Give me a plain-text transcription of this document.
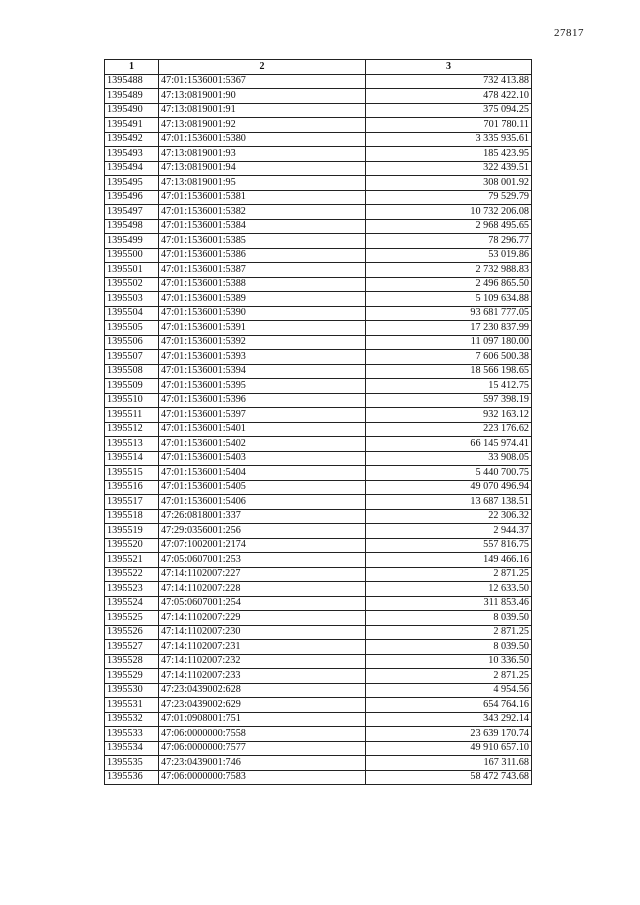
27817
1	2	3
1395488	47:01:1536001:5367	732 413.88
1395489	47:13:0819001:90	478 422.10
1395490	47:13:0819001:91	375 094.25
1395491	47:13:0819001:92	701 780.11
1395492	47:01:1536001:5380	3 335 935.61
1395493	47:13:0819001:93	185 423.95
1395494	47:13:0819001:94	322 439.51
1395495	47:13:0819001:95	308 001.92
1395496	47:01:1536001:5381	79 529.79
1395497	47:01:1536001:5382	10 732 206.08
1395498	47:01:1536001:5384	2 968 495.65
1395499	47:01:1536001:5385	78 296.77
1395500	47:01:1536001:5386	53 019.86
1395501	47:01:1536001:5387	2 732 988.83
1395502	47:01:1536001:5388	2 496 865.50
1395503	47:01:1536001:5389	5 109 634.88
1395504	47:01:1536001:5390	93 681 777.05
1395505	47:01:1536001:5391	17 230 837.99
1395506	47:01:1536001:5392	11 097 180.00
1395507	47:01:1536001:5393	7 606 500.38
1395508	47:01:1536001:5394	18 566 198.65
1395509	47:01:1536001:5395	15 412.75
1395510	47:01:1536001:5396	597 398.19
1395511	47:01:1536001:5397	932 163.12
1395512	47:01:1536001:5401	223 176.62
1395513	47:01:1536001:5402	66 145 974.41
1395514	47:01:1536001:5403	33 908.05
1395515	47:01:1536001:5404	5 440 700.75
1395516	47:01:1536001:5405	49 070 496.94
1395517	47:01:1536001:5406	13 687 138.51
1395518	47:26:0818001:337	22 306.32
1395519	47:29:0356001:256	2 944.37
1395520	47:07:1002001:2174	557 816.75
1395521	47:05:0607001:253	149 466.16
1395522	47:14:1102007:227	2 871.25
1395523	47:14:1102007:228	12 633.50
1395524	47:05:0607001:254	311 853.46
1395525	47:14:1102007:229	8 039.50
1395526	47:14:1102007:230	2 871.25
1395527	47:14:1102007:231	8 039.50
1395528	47:14:1102007:232	10 336.50
1395529	47:14:1102007:233	2 871.25
1395530	47:23:0439002:628	4 954.56
1395531	47:23:0439002:629	654 764.16
1395532	47:01:0908001:751	343 292.14
1395533	47:06:0000000:7558	23 639 170.74
1395534	47:06:0000000:7577	49 910 657.10
1395535	47:23:0439001:746	167 311.68
1395536	47:06:0000000:7583	58 472 743.68
